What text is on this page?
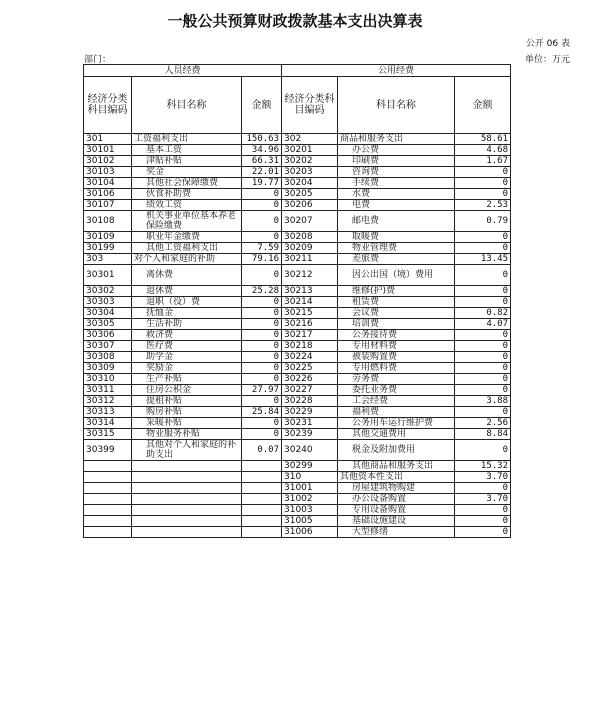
一般公共预算财政拨款基本支出决算表
公开 06 表
部门：	单位：万元
人员经费			公用经费		
经济分类科目编码	科目名称	金额	经济分类科目编码	科目名称	金额
301	工资福利支出	150.63	302	商品和服务支出	58.61
30101	基本工资	34.96	30201	办公费	4.68
30102	津贴补贴	66.31	30202	印刷费	1.67
30103	奖金	22.01	30203	咨询费	0
30104	其他社会保障缴费	19.77	30204	手续费	0
30106	伙食补助费	0	30205	水费	0
30107	绩效工资	0	30206	电费	2.53
30108	机关事业单位基本养老保险缴费	0	30207	邮电费	0.79
30109	职业年金缴费	0	30208	取暖费	0
30199	其他工资福利支出	7.59	30209	物业管理费	0
303	对个人和家庭的补助	79.16	30211	差旅费	13.45
30301	离休费	0	30212	因公出国（境）费用	0
30302	退休费	25.28	30213	维修(护)费	0
30303	退职（役）费	0	30214	租赁费	0
30304	抚恤金	0	30215	会议费	0.82
30305	生活补助	0	30216	培训费	4.07
30306	救济费	0	30217	公务接待费	0
30307	医疗费	0	30218	专用材料费	0
30308	助学金	0	30224	被装购置费	0
30309	奖励金	0	30225	专用燃料费	0
30310	生产补贴	0	30226	劳务费	0
30311	住房公积金	27.97	30227	委托业务费	0
30312	提租补贴	0	30228	工会经费	3.88
30313	购房补贴	25.84	30229	福利费	0
30314	采暖补贴	0	30231	公务用车运行维护费	2.56
30315	物业服务补贴	0	30239	其他交通费用	8.84
30399	其他对个人和家庭的补助支出	0.07	30240	税金及附加费用	0
			30299	其他商品和服务支出	15.32
			310	其他资本性支出	3.70
			31001	房屋建筑物购建	0
			31002	办公设备购置	3.70
			31003	专用设备购置	0
			31005	基础设施建设	0
			31006	大型修缮	0
